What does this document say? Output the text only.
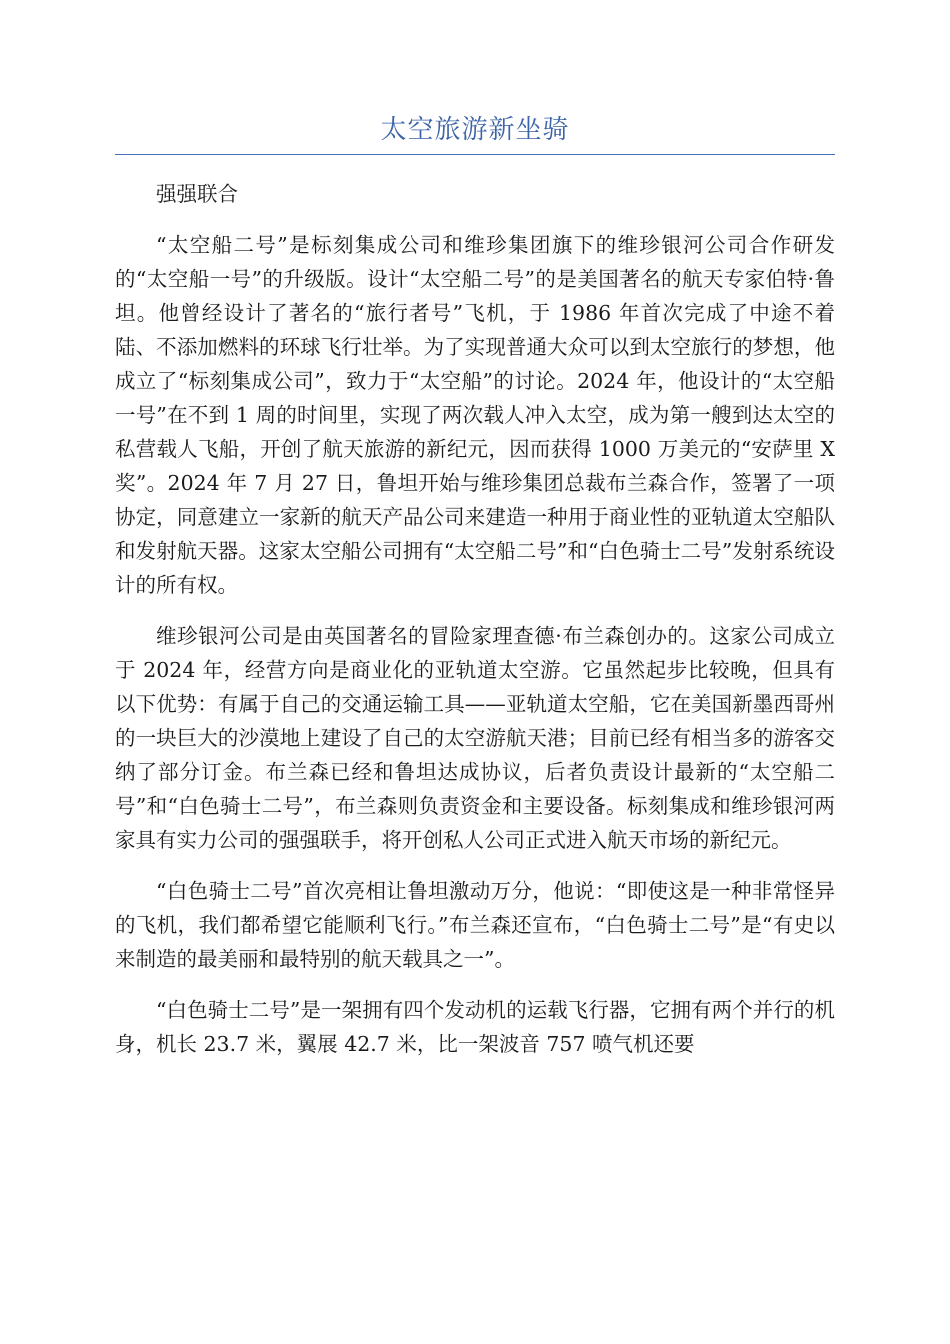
太空旅游新坐骑

强强联合

“太空船二号”是标刻集成公司和维珍集团旗下的维珍银河公司合作研发的“太空船一号”的升级版。设计“太空船二号”的是美国著名的航天专家伯特·鲁坦。他曾经设计了著名的“旅行者号”飞机，于 1986 年首次完成了中途不着陆、不添加燃料的环球飞行壮举。为了实现普通大众可以到太空旅行的梦想，他成立了“标刻集成公司”，致力于“太空船”的讨论。2024 年，他设计的“太空船一号”在不到 1 周的时间里，实现了两次载人冲入太空，成为第一艘到达太空的私营载人飞船，开创了航天旅游的新纪元，因而获得 1000 万美元的“安萨里 X 奖”。2024 年 7 月 27 日，鲁坦开始与维珍集团总裁布兰森合作，签署了一项协定，同意建立一家新的航天产品公司来建造一种用于商业性的亚轨道太空船队和发射航天器。这家太空船公司拥有“太空船二号”和“白色骑士二号”发射系统设计的所有权。

维珍银河公司是由英国著名的冒险家理查德·布兰森创办的。这家公司成立于 2024 年，经营方向是商业化的亚轨道太空游。它虽然起步比较晚，但具有以下优势：有属于自己的交通运输工具——亚轨道太空船，它在美国新墨西哥州的一块巨大的沙漠地上建设了自己的太空游航天港；目前已经有相当多的游客交纳了部分订金。布兰森已经和鲁坦达成协议，后者负责设计最新的“太空船二号”和“白色骑士二号”，布兰森则负责资金和主要设备。标刻集成和维珍银河两家具有实力公司的强强联手，将开创私人公司正式进入航天市场的新纪元。

“白色骑士二号”首次亮相让鲁坦激动万分，他说：“即使这是一种非常怪异的飞机，我们都希望它能顺利飞行。”布兰森还宣布，“白色骑士二号”是“有史以来制造的最美丽和最特别的航天载具之一”。

“白色骑士二号”是一架拥有四个发动机的运载飞行器，它拥有两个并行的机身，机长 23.7 米，翼展 42.7 米，比一架波音 757 喷气机还要
